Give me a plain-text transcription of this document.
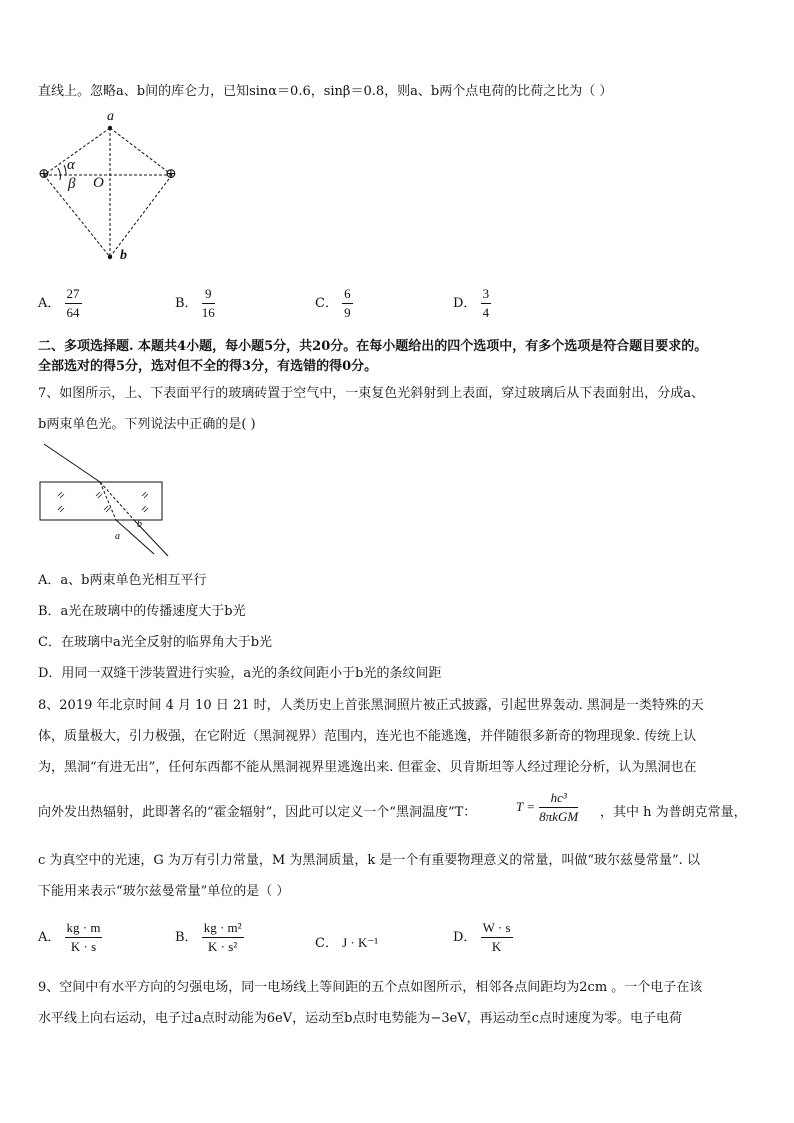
直线上。忽略a、b间的库仑力，已知sinα＝0.6，sinβ＝0.8，则a、b两个点电荷的比荷之比为（ ）
a
b
⊕	⊕
α
β O
A． $\frac{27}{64}$	B． $\frac{9}{16}$	C． $\frac{6}{9}$	D． $\frac{3}{4}$
二、多项选择题. 本题共4小题，每小题5分，共20分。在每小题给出的四个选项中，有多个选项是符合题目要求的。
全部选对的得5分，选对但不全的得3分，有选错的得0分。
7、如图所示，上、下表面平行的玻璃砖置于空气中，一束复色光斜射到上表面，穿过玻璃后从下表面射出，分成a、
b两束单色光。下列说法中正确的是( )
b
a
A．a、b两束单色光相互平行
B．a光在玻璃中的传播速度大于b光
C．在玻璃中a光全反射的临界角大于b光
D．用同一双缝干涉装置进行实验，a光的条纹间距小于b光的条纹间距
8、2019 年北京时间 4 月 10 日 21 时，人类历史上首张黑洞照片被正式披露，引起世界轰动. 黑洞是一类特殊的天
体，质量极大，引力极强，在它附近（黑洞视界）范围内，连光也不能逃逸，并伴随很多新奇的物理现象. 传统上认
为，黑洞“有进无出”，任何东西都不能从黑洞视界里逃逸出来. 但霍金、贝肯斯坦等人经过理论分析，认为黑洞也在
向外发出热辐射，此即著名的“霍金辐射”，因此可以定义一个“黑洞温度”T：	$T = \frac{\text{hc³}}{\text{8πkGM}}$ ，其中 h 为普朗克常量，
c 为真空中的光速，G 为万有引力常量，M 为黑洞质量，k 是一个有重要物理意义的常量，叫做“玻尔兹曼常量”. 以
下能用来表示“玻尔兹曼常量”单位的是（ ）
A． $\frac{kg \cdot m}{K \cdot s}$	B． $\frac{\text{kg · m²}}{\text{K · s²}}$	C． J · K⁻¹	D． $\frac{W \cdot s}{K}$
9、空间中有水平方向的匀强电场，同一电场线上等间距的五个点如图所示，相邻各点间距均为2cm 。一个电子在该
水平线上向右运动，电子过a点时动能为6eV，运动至b点时电势能为−3eV，再运动至c点时速度为零。电子电荷
